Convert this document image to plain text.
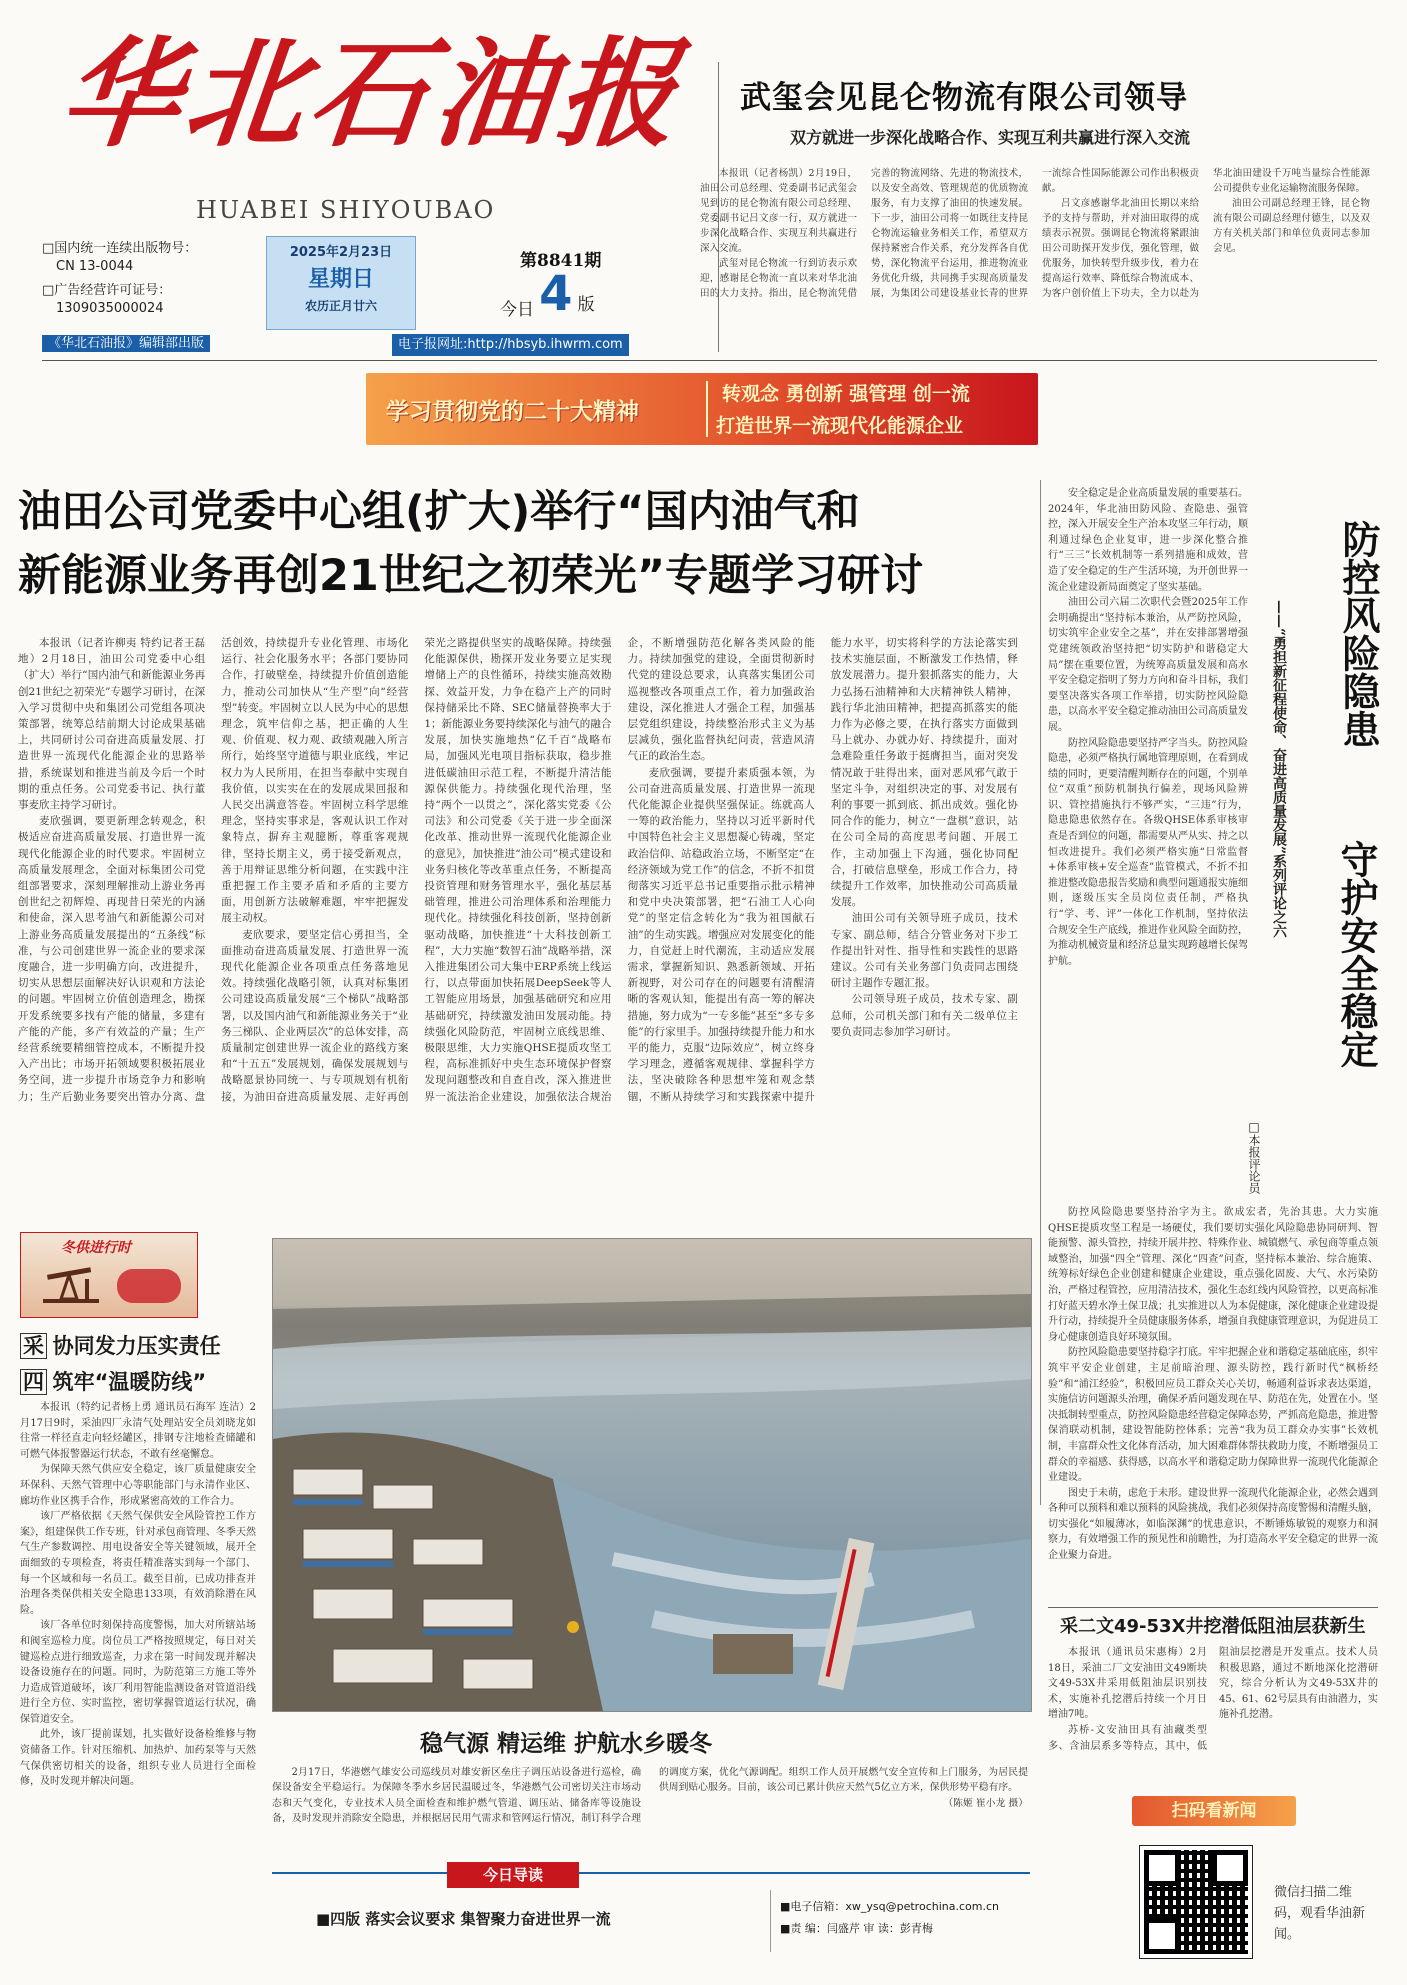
华北石油报
HUABEI SHIYOUBAO
□国内统一连续出版物号：
CN 13-0044
□广告经营许可证号：
1309035000024
2025年2月23日
星期日
农历正月廿六
第8841期
今日 4 版
《华北石油报》编辑部出版	电子报网址:http://hbsyb.ihwrm.com
武玺会见昆仑物流有限公司领导
双方就进一步深化战略合作、实现互利共赢进行深入交流

本报讯（记者杨凯）2月19日，油田公司总经理、党委副书记武玺会见到访的昆仑物流有限公司总经理、党委副书记吕文彦一行，双方就进一步深化战略合作、实现互利共赢进行深入交流。

武玺对昆仑物流一行到访表示欢迎，感谢昆仑物流一直以来对华北油田的大力支持。指出，昆仑物流凭借完善的物流网络、先进的物流技术，以及安全高效、管理规范的优质物流服务，有力支撑了油田的快速发展。下一步，油田公司将一如既往支持昆仑物流运输业务相关工作，希望双方保持紧密合作关系，充分发挥各自优势，深化物流平台运用，推进物流业务优化升级，共同携手实现高质量发展，为集团公司建设基业长青的世界一流综合性国际能源公司作出积极贡献。

吕文彦感谢华北油田长期以来给予的支持与帮助，并对油田取得的成绩表示祝贺。强调昆仑物流将紧跟油田公司助探开发步伐，强化管理，做优服务，加快转型升级步伐，着力在提高运行效率、降低综合物流成本、为客户创价值上下功夫，全力以赴为华北油田建设千万吨当量综合性能源公司提供专业化运输物流服务保障。

油田公司副总经理王锋，昆仑物流有限公司副总经理付德生，以及双方有关机关部门和单位负责同志参加会见。

学习贯彻党的二十大精神
转观念 勇创新 强管理 创一流
打造世界一流现代化能源企业
油田公司党委中心组(扩大)举行“国内油气和
新能源业务再创21世纪之初荣光”专题学习研讨

本报讯（记者许柳夷 特约记者王磊地）2月18日，油田公司党委中心组（扩大）举行“国内油气和新能源业务再创21世纪之初荣光”专题学习研讨，在深入学习贯彻中央和集团公司党组各项决策部署，统筹总结前期大讨论成果基础上，共同研讨公司奋进高质量发展、打造世界一流现代化能源企业的思路举措，系统谋划和推进当前及今后一个时期的重点任务。公司党委书记、执行董事麦欣主持学习研讨。

麦欣强调，要更新理念转观念，积极适应奋进高质量发展、打造世界一流现代化能源企业的时代要求。牢固树立高质量发展理念，全面对标集团公司党组部署要求，深刻理解推动上游业务再创世纪之初辉煌、再现昔日荣光的内涵和使命，深入思考油气和新能源公司对上游业务高质量发展提出的“五条线”标准，与公司创建世界一流企业的要求深度融合，进一步明确方向，改进提升，切实从思想层面解决好认识观和方法论的问题。牢固树立价值创造理念，勘探开发系统要多找有产能的储量，多建有产能的产能，多产有效益的产量；生产经营系统要精细管控成本，不断提升投入产出比；市场开拓领域要积极拓展业务空间，进一步提升市场竞争力和影响力；生产后勤业务要突出管办分离、盘活创效，持续提升专业化管理、市场化运行、社会化服务水平；各部门要协同合作，打破壁垒，持续提升价值创造能力，推动公司加快从“生产型”向“经营型”转变。牢固树立以人民为中心的思想理念，筑牢信仰之基，把正确的人生观、价值观、权力观、政绩观融入所言所行，始终坚守道德与职业底线，牢记权力为人民所用，在担当奉献中实现自我价值，以实实在在的发展成果回报和人民交出满意答卷。牢固树立科学思维理念，坚持实事求是，客观认识工作对象特点，摒弃主观臆断，尊重客观规律，坚持长期主义，勇于接受新观点，善于用辩证思维分析问题，在实践中注重把握工作主要矛盾和矛盾的主要方面，用创新方法破解难题，牢牢把握发展主动权。

麦欣要求，要坚定信心勇担当，全面推动奋进高质量发展、打造世界一流现代化能源企业各项重点任务落地见效。持续强化战略引领，认真对标集团公司建设高质量发展“三个梯队”战略部署，以及国内油气和新能源业务关于“业务三梯队、企业两层次”的总体安排，高质量制定创建世界一流企业的路线方案和“十五五”发展规划，确保发展规划与战略愿景协同统一、与专项规划有机衔接，为油田奋进高质量发展、走好再创荣光之路提供坚实的战略保障。持续强化能源保供，勘探开发业务要立足实现增储上产的良性循环，持续实施高效勘探、效益开发，力争在稳产上产的同时保持储采比不降、SEC储量替换率大于1；新能源业务要持续深化与油气的融合发展，加快实施地热“亿千百”战略布局，加强风光电项目指标获取，稳步推进低碳油田示范工程，不断提升清洁能源保供能力。持续强化现代治理，坚持“两个一以贯之”，深化落实党委《公司法》和公司党委《关于进一步全面深化改革、推动世界一流现代化能源企业的意见》，加快推进“油公司”模式建设和业务归核化等改革重点任务，不断提高投资管理和财务管理水平，强化基层基础管理，推进公司治理体系和治理能力现代化。持续强化科技创新，坚持创新驱动战略，加快推进“十大科技创新工程”，大力实施“数智石油”战略举措，深入推进集团公司大集中ERP系统上线运行，以点带面加快拓展DeepSeek等人工智能应用场景，加强基础研究和应用基础研究，持续激发油田发展动能。持续强化风险防范，牢固树立底线思维、极限思维，大力实施QHSE提质攻坚工程，高标准抓好中央生态环境保护督察发现问题整改和自查自改，深入推进世界一流法治企业建设，加强依法合规治企，不断增强防范化解各类风险的能力。持续加强党的建设，全面贯彻新时代党的建设总要求，认真落实集团公司巡视整改各项重点工作，着力加强政治建设，深化推进人才强企工程，加强基层党组织建设，持续整治形式主义为基层减负，强化监督执纪问责，营造风清气正的政治生态。

麦欣强调，要提升素质强本领，为公司奋进高质量发展、打造世界一流现代化能源企业提供坚强保证。练就高人一筹的政治能力，坚持以习近平新时代中国特色社会主义思想凝心铸魂，坚定政治信仰、站稳政治立场，不断坚定“在经济领域为党工作”的信念，不折不扣贯彻落实习近平总书记重要指示批示精神和党中央决策部署，把“石油工人心向党”的坚定信念转化为“我为祖国献石油”的生动实践。增强应对发展变化的能力，自觉赶上时代潮流，主动适应发展需求，掌握新知识、熟悉新领域、开拓新视野，对公司存在的问题要有清醒清晰的客观认知，能提出有高一筹的解决措施，努力成为“一专多能”甚至“多专多能”的行家里手。加强持续提升能力和水平的能力，克服“边际效应”，树立终身学习理念，遵循客观规律、掌握科学方法，坚决破除各种思想牢笼和观念禁锢，不断从持续学习和实践探索中提升能力水平，切实将科学的方法论落实到技术实施层面，不断激发工作热情，释放发展潜力。提升狠抓落实的能力，大力弘扬石油精神和大庆精神铁人精神，践行华北油田精神，把提高抓落实的能力作为必修之要，在执行落实方面做到马上就办、办就办好、持续提升，面对急难险重任务敢于挺膺担当，面对突发情况敢于驻得出来，面对恶风邪气敢于坚定斗争，对组织决定的事、对发展有利的事要一抓到底、抓出成效。强化协同合作的能力，树立“一盘棋”意识，站在公司全局的高度思考问题、开展工作，主动加强上下沟通，强化协同配合，打破信息壁垒，形成工作合力，持续提升工作效率，加快推动公司高质量发展。

油田公司有关领导班子成员，技术专家、副总师，结合分管业务对下步工作提出针对性、指导性和实践性的思路建议。公司有关业务部门负责同志围绕研讨主题作专题汇报。

公司领导班子成员，技术专家、副总师，公司机关部门和有关二级单位主要负责同志参加学习研讨。

安全稳定是企业高质量发展的重要基石。2024年，华北油田防风险、查隐患、强管控，深入开展安全生产治本攻坚三年行动，顺利通过绿色企业复审，进一步深化整合推行“三三”长效机制等一系列措施和成效，营造了安全稳定的生产生活环境，为开创世界一流企业建设新局面奠定了坚实基础。

油田公司六届二次职代会暨2025年工作会明确提出“坚持标本兼治，从严防控风险，切实筑牢企业安全之基”，并在安排部署增强党建统领政治坚持把“切实防护和谐稳定大局”摆在重要位置，为统筹高质量发展和高水平安全稳定指明了努力方向和奋斗目标，我们要坚决落实各项工作举措，切实防控风险隐患，以高水平安全稳定推动油田公司高质量发展。

防控风险隐患要坚持严字当头。防控风险隐患，必须严格执行属地管理原则，在看到成绩的同时，更要清醒判断存在的问题，个别单位“双重”预防机制执行偏差，现场风险辨识、管控措施执行不够严实，“三违”行为，隐患隐患依然存在。各级QHSE体系审核审查是否到位的问题，都需要从严从实、持之以恒改进提升。我们必须严格实施“日常监督+体系审核+安全巡查”监管模式，不折不扣推进整改隐患报告奖励和典型问题通报实施细则，逐级压实全员岗位责任制，严格执行“学、考、评”一体化工作机制，坚持依法合规安全生产底线，推进作业风险全面防控，为推动机械资量和经济总量实现跨越增长保驾护航。

防控风险隐患
守护安全稳定
——“勇担新征程使命、奋进高质量发展”系列评论之六
□本报评论员

防控风险隐患要坚持治字为主。欲成宏者，先治其患。大力实施QHSE提质攻坚工程是一场硬仗，我们要切实强化风险隐患协同研判、智能预警、源头管控，持续开展井控、特殊作业、城镇燃气、承包商等重点领域整治，加强“四全”管理、深化“四查”问查，坚持标本兼治、综合施策、统筹标好绿色企业创建和健康企业建设，重点强化固废、大气、水污染防治，严格过程管控，应用清洁技术，强化生态红线内风险管控，以更高标准打好蓝天碧水净土保卫战；扎实推进以人为本促健康，深化健康企业建设提升行动，持续提升全员健康服务体系，增强自我健康管理意识，为促进员工身心健康创造良好环境氛围。

防控风险隐患要坚持稳字打底。牢牢把握企业和谐稳定基础底座，织牢筑牢平安企业创建，主足前暗治理、源头防控，践行新时代“枫桥经验”和“浦江经验”，积极回应员工群众关心关切，畅通利益诉求表达渠道，实施信访问题源头治理，确保矛盾问题发现在早、防范在先，处置在小。坚决抵制转型重点，防控风险隐患经营稳定保障态势，严抓高危隐患，推进警保消联动机制，建设智能防控体系；完善“我为员工群众办实事”长效机制，丰富群众性文化体育活动，加大困难群体帮扶救助力度，不断增强员工群众的幸福感、获得感，以高水平和谐稳定助力保障世界一流现代化能源企业建设。

图史于未萌，虑危于未形。建设世界一流现代化能源企业，必然会遇到各种可以预料和难以预料的风险挑战，我们必须保持高度警惕和清醒头脑，切实强化“如履薄冰，如临深渊”的忧患意识，不断锤炼敏锐的观察力和洞察力，有效增强工作的预见性和前瞻性，为打造高水平安全稳定的世界一流企业聚力奋进。

采二文49-53X井挖潜低阻油层获新生

本报讯（通讯员宋惠梅）2月18日，采油二厂文安油田文49断块文49-53X井采用低阻油层识别技术，实施补孔挖潜后持续一个月日增油7吨。

苏桥-文安油田具有油藏类型多、含油层系多等特点，其中，低阻油层挖潜是开发重点。技术人员积极思路，通过不断地深化挖潜研究，综合分析认为文49-53X井的45、61、62号层具有由油潜力，实施补孔挖潜。

扫码看新闻
微信扫描二维码，观看华油新闻。
冬供进行时
采 协同发力压实责任
四 筑牢“温暖防线”

本报讯（特约记者杨上勇 通讯员石海军 连洁）2月17日9时，采油四厂永清气处理站安全员刘晓龙如往常一样径直走向轻烃罐区，排钢专注地检查储罐和可燃气体报警器运行状态，不敢有丝毫懈怠。

为保障天然气供应安全稳定，该厂质量健康安全环保科、天然气管理中心等职能部门与永清作业区、廊坊作业区携手合作，形成紧密高效的工作合力。

该厂严格依据《天然气保供安全风险管控工作方案》，组建保供工作专班，针对承包商管理、冬季天然气生产参数调控、用电设备安全等关键领域，展开全面细致的专项检查，将责任精准落实到每一个部门、每一个区域和每一名员工。截至目前，已成功排查并治理各类保供相关安全隐患133项，有效消除潜在风险。

该厂各单位时刻保持高度警惕，加大对所辖站场和阀室巡检力度。岗位员工严格按照规定，每日对关键巡检点进行细致巡查，力求在第一时间发现并解决设备设施存在的问题。同时，为防范第三方施工等外力造成管道破坏，该厂利用智能监测设备对管道沿线进行全方位、实时监控，密切掌握管道运行状况，确保管道安全。

此外，该厂提前谋划，扎实做好设备检维修与物资储备工作。针对压缩机、加热炉、加药泵等与天然气保供密切相关的设备，组织专业人员进行全面检修，及时发现并解决问题。

稳气源 精运维 护航水乡暖冬

2月17日，华港燃气雄安公司巡线员对雄安新区垒庄子调压站设备进行巡检，确保设备安全平稳运行。为保障冬季水乡居民温暖过冬，华港燃气公司密切关注市场动态和天气变化，专业技术人员全面检查和维护燃气管道、调压站、储备库等设施设备，及时发现并消除安全隐患，并根据居民用气需求和管网运行情况，制订科学合理的调度方案，优化气源调配。组织工作人员开展燃气安全宣传和上门服务，为居民提供周到贴心服务。目前，该公司已累计供应天然气5亿立方米，保供形势平稳有序。

（陈姬 崔小龙 摄）
今日导读
■四版 落实会议要求 集智聚力奋进世界一流
■电子信箱：xw_ysq@petrochina.com.cn
■责 编：闫盛芹 审 读：彭青梅
